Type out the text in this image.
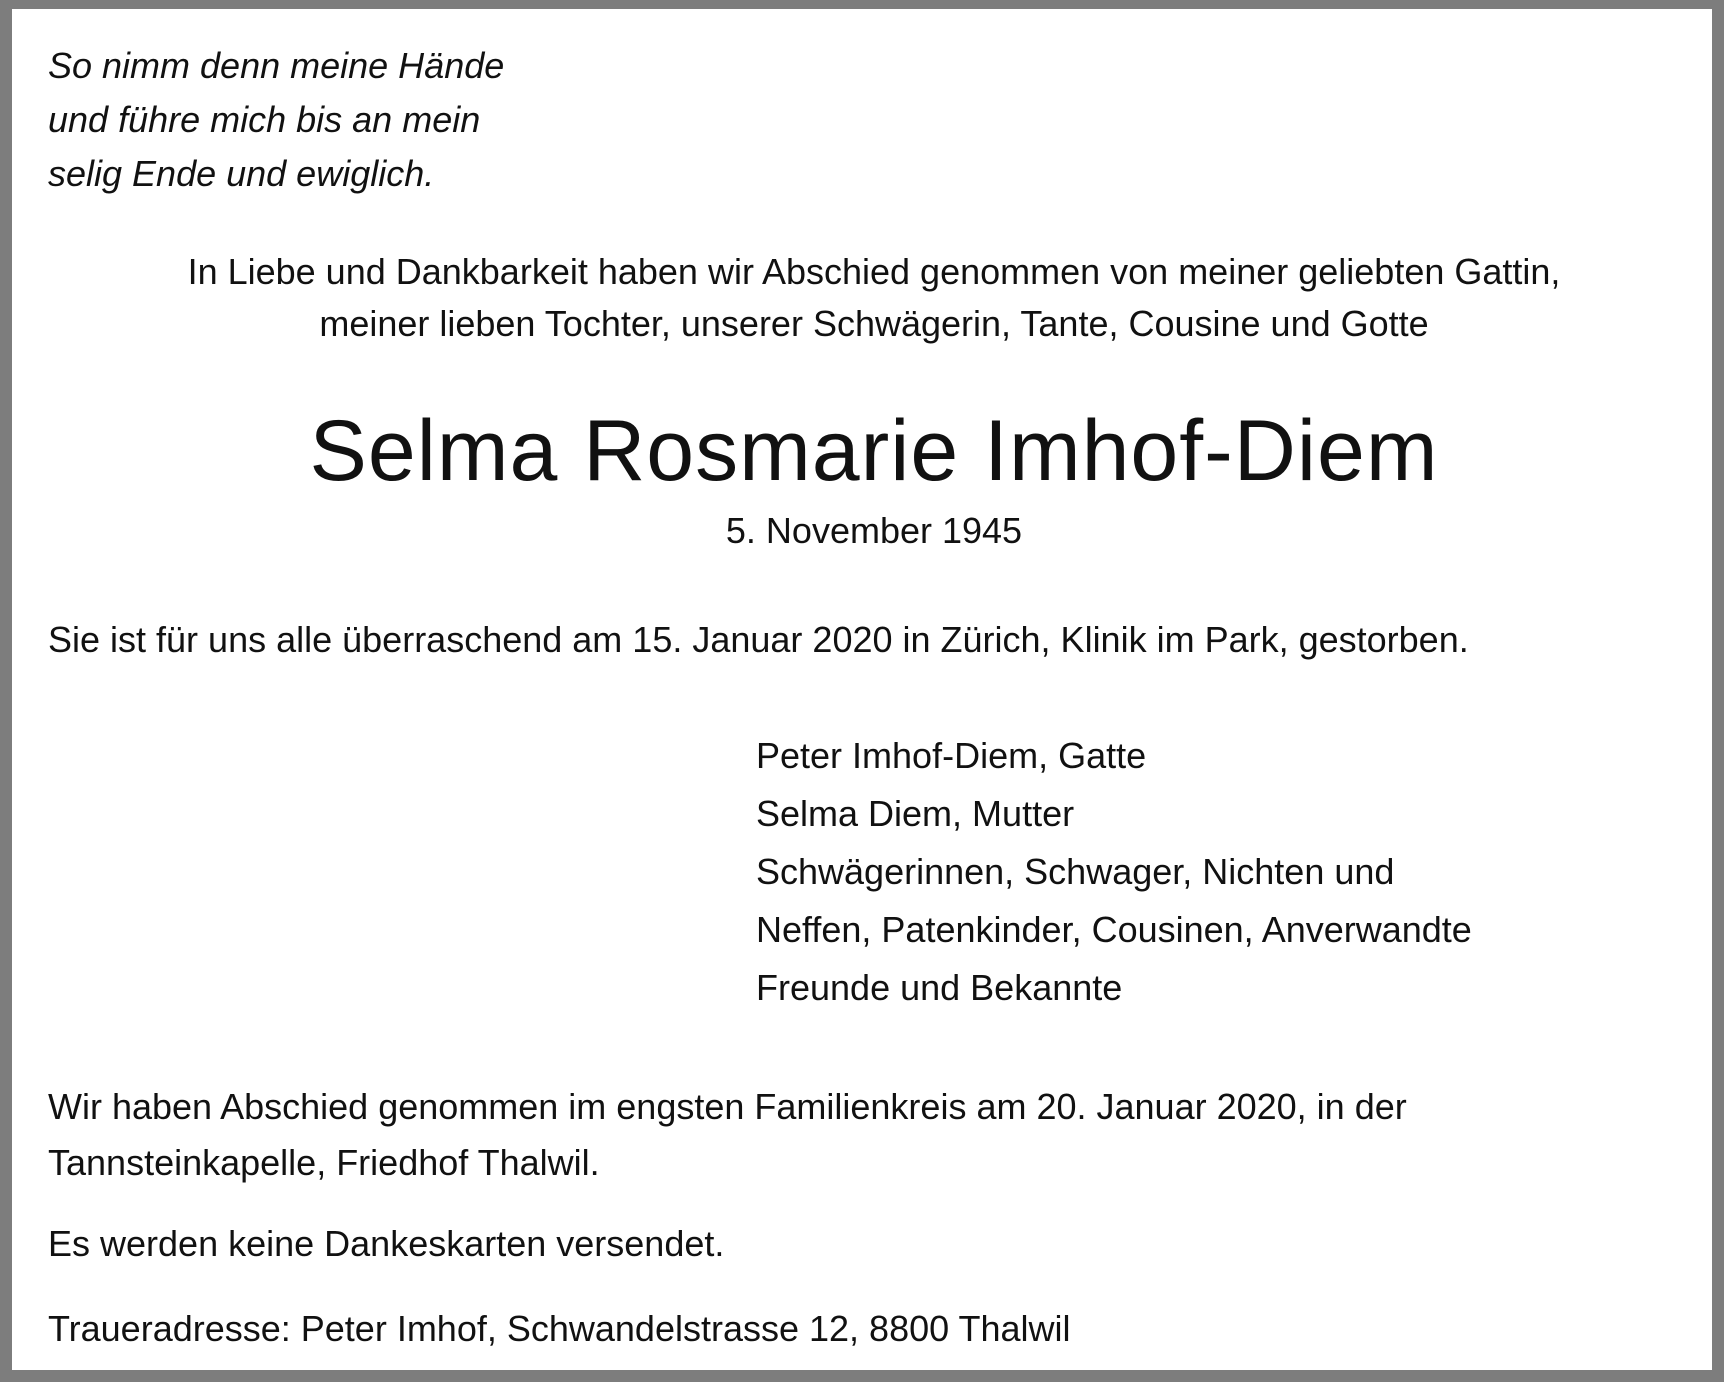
So nimm denn meine Hände
und führe mich bis an mein
selig Ende und ewiglich.
In Liebe und Dankbarkeit haben wir Abschied genommen von meiner geliebten Gattin,
meiner lieben Tochter, unserer Schwägerin, Tante, Cousine und Gotte
Selma Rosmarie Imhof-Diem
5. November 1945
Sie ist für uns alle überraschend am 15. Januar 2020 in Zürich, Klinik im Park, gestorben.
Peter Imhof-Diem, Gatte
Selma Diem, Mutter
Schwägerinnen, Schwager, Nichten und
Neffen, Patenkinder, Cousinen, Anverwandte
Freunde und Bekannte
Wir haben Abschied genommen im engsten Familienkreis am 20. Januar 2020, in der
Tannsteinkapelle, Friedhof Thalwil.
Es werden keine Dankeskarten versendet.
Traueradresse: Peter Imhof, Schwandelstrasse 12, 8800 Thalwil
